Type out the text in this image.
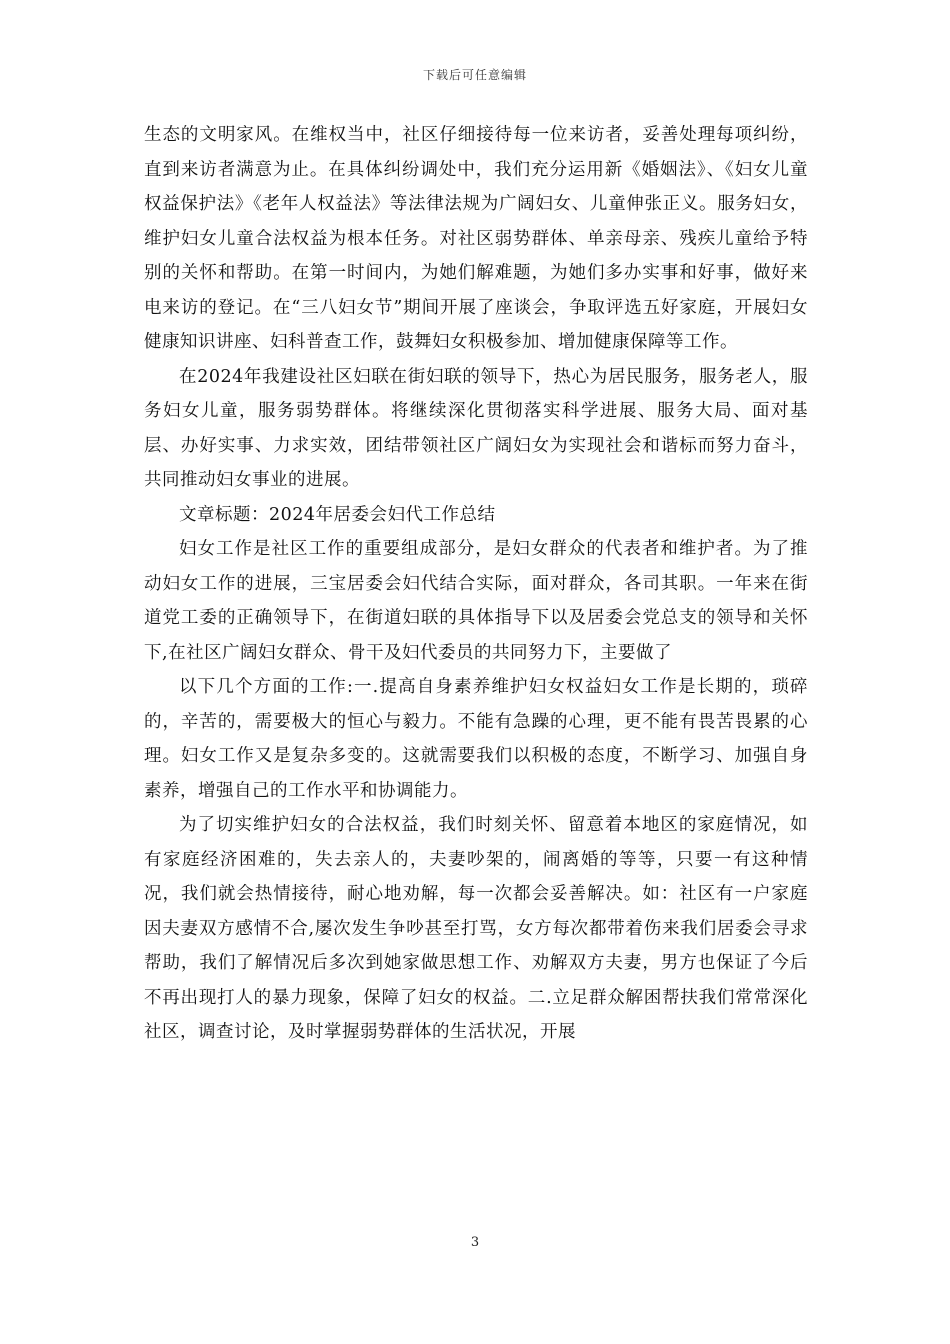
下载后可任意编辑

生态的文明家风。在维权当中，社区仔细接待每一位来访者，妥善处理每项纠纷，直到来访者满意为止。在具体纠纷调处中，我们充分运用新《婚姻法》、《妇女儿童权益保护法》《老年人权益法》等法律法规为广阔妇女、儿童伸张正义。服务妇女，维护妇女儿童合法权益为根本任务。对社区弱势群体、单亲母亲、残疾儿童给予特别的关怀和帮助。在第一时间内，为她们解难题，为她们多办实事和好事，做好来电来访的登记。在“三八妇女节”期间开展了座谈会，争取评选五好家庭，开展妇女健康知识讲座、妇科普查工作，鼓舞妇女积极参加、增加健康保障等工作。

在2024年我建设社区妇联在街妇联的领导下，热心为居民服务，服务老人，服务妇女儿童，服务弱势群体。将继续深化贯彻落实科学进展、服务大局、面对基层、办好实事、力求实效，团结带领社区广阔妇女为实现社会和谐标而努力奋斗，共同推动妇女事业的进展。

文章标题：2024年居委会妇代工作总结

妇女工作是社区工作的重要组成部分，是妇女群众的代表者和维护者。为了推动妇女工作的进展，三宝居委会妇代结合实际，面对群众，各司其职。一年来在街道党工委的正确领导下，在街道妇联的具体指导下以及居委会党总支的领导和关怀下,在社区广阔妇女群众、骨干及妇代委员的共同努力下，主要做了

以下几个方面的工作:一.提高自身素养维护妇女权益妇女工作是长期的，琐碎的，辛苦的，需要极大的恒心与毅力。不能有急躁的心理，更不能有畏苦畏累的心理。妇女工作又是复杂多变的。这就需要我们以积极的态度，不断学习、加强自身素养，增强自己的工作水平和协调能力。

为了切实维护妇女的合法权益，我们时刻关怀、留意着本地区的家庭情况，如有家庭经济困难的，失去亲人的，夫妻吵架的，闹离婚的等等，只要一有这种情况，我们就会热情接待，耐心地劝解，每一次都会妥善解决。如：社区有一户家庭因夫妻双方感情不合,屡次发生争吵甚至打骂，女方每次都带着伤来我们居委会寻求帮助，我们了解情况后多次到她家做思想工作、劝解双方夫妻，男方也保证了今后不再出现打人的暴力现象，保障了妇女的权益。二.立足群众解困帮扶我们常常深化社区，调查讨论，及时掌握弱势群体的生活状况，开展

3
